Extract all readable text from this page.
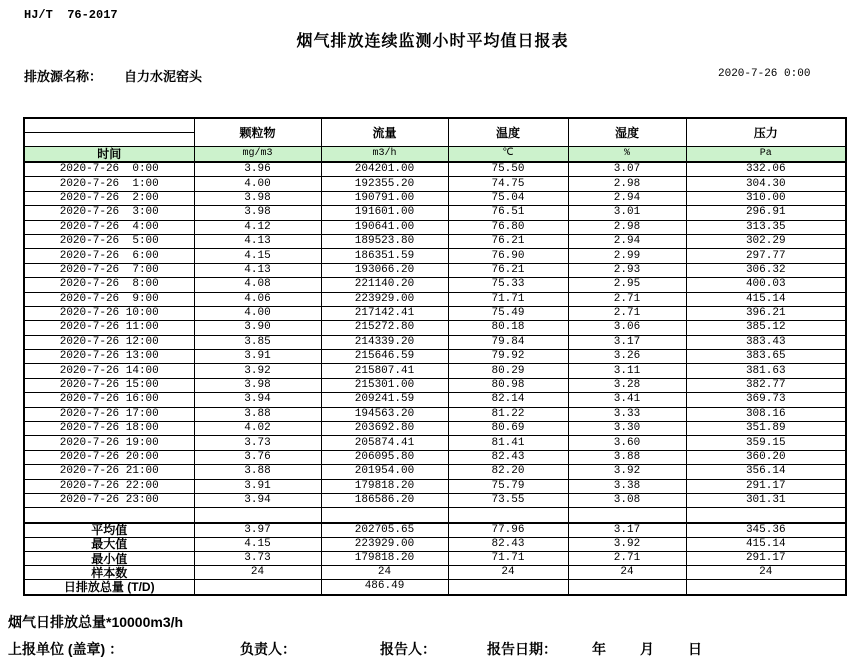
HJ/T  76-2017
烟气排放连续监测小时平均值日报表
排放源名称： 自力水泥窑头	2020-7-26 0:00
	颗粒物	流量	温度	湿度	压力

时间	mg/m3	m3/h	℃	%	Pa
2020-7-26  0:00	3.96	204201.00	75.50	3.07	332.06
2020-7-26  1:00	4.00	192355.20	74.75	2.98	304.30
2020-7-26  2:00	3.98	190791.00	75.04	2.94	310.00
2020-7-26  3:00	3.98	191601.00	76.51	3.01	296.91
2020-7-26  4:00	4.12	190641.00	76.80	2.98	313.35
2020-7-26  5:00	4.13	189523.80	76.21	2.94	302.29
2020-7-26  6:00	4.15	186351.59	76.90	2.99	297.77
2020-7-26  7:00	4.13	193066.20	76.21	2.93	306.32
2020-7-26  8:00	4.08	221140.20	75.33	2.95	400.03
2020-7-26  9:00	4.06	223929.00	71.71	2.71	415.14
2020-7-26 10:00	4.00	217142.41	75.49	2.71	396.21
2020-7-26 11:00	3.90	215272.80	80.18	3.06	385.12
2020-7-26 12:00	3.85	214339.20	79.84	3.17	383.43
2020-7-26 13:00	3.91	215646.59	79.92	3.26	383.65
2020-7-26 14:00	3.92	215807.41	80.29	3.11	381.63
2020-7-26 15:00	3.98	215301.00	80.98	3.28	382.77
2020-7-26 16:00	3.94	209241.59	82.14	3.41	369.73
2020-7-26 17:00	3.88	194563.20	81.22	3.33	308.16
2020-7-26 18:00	4.02	203692.80	80.69	3.30	351.89
2020-7-26 19:00	3.73	205874.41	81.41	3.60	359.15
2020-7-26 20:00	3.76	206095.80	82.43	3.88	360.20
2020-7-26 21:00	3.88	201954.00	82.20	3.92	356.14
2020-7-26 22:00	3.91	179818.20	75.79	3.38	291.17
2020-7-26 23:00	3.94	186586.20	73.55	3.08	301.31

平均值	3.97	202705.65	77.96	3.17	345.36
最大值	4.15	223929.00	82.43	3.92	415.14
最小值	3.73	179818.20	71.71	2.71	291.17
样本数	24	24	24	24	24
日排放总量 (T/D)		486.49			
烟气日排放总量*10000m3/h
上报单位 (盖章) ：	负责人：	报告人：	报告日期：	年 月 日
